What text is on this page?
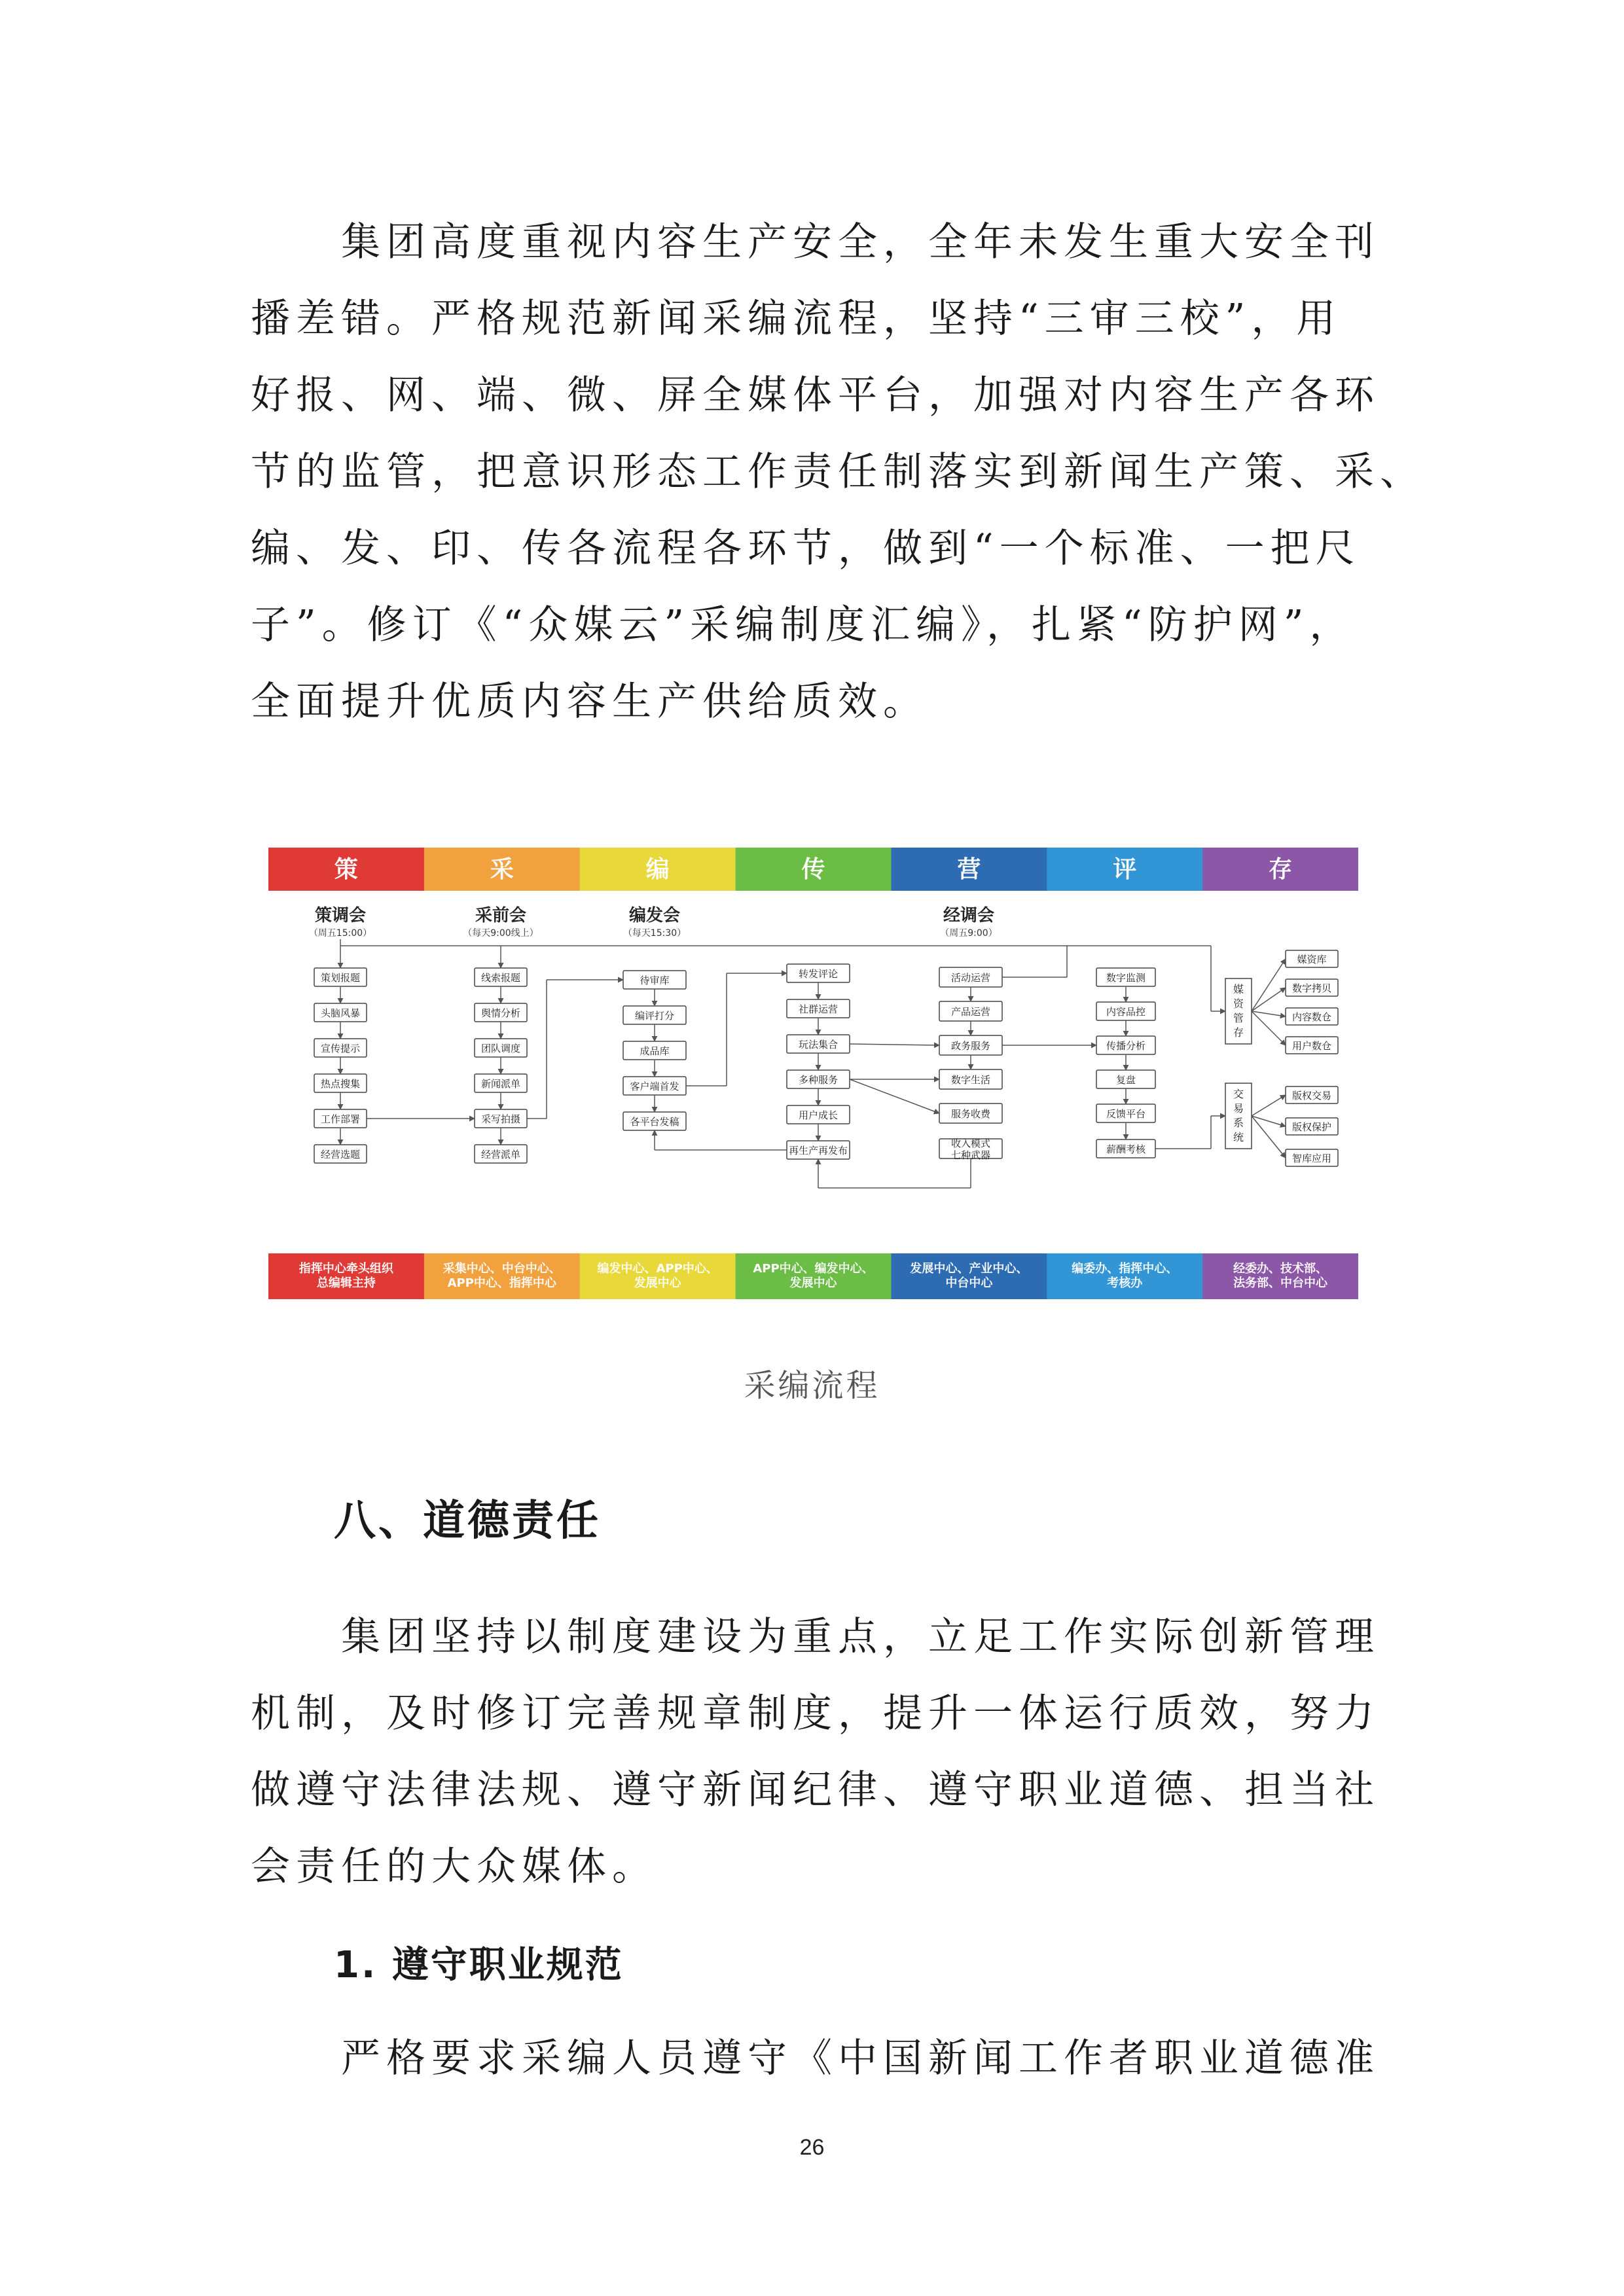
集团高度重视内容生产安全，全年未发生重大安全刊
播差错。严格规范新闻采编流程，坚持“三审三校”，用
好报、网、端、微、屏全媒体平台，加强对内容生产各环
节的监管，把意识形态工作责任制落实到新闻生产策、采、
编、发、印、传各流程各环节，做到“一个标准、一把尺
子”。修订《“众媒云”采编制度汇编》，扎紧“防护网”，
全面提升优质内容生产供给质效。
策	采	编	传	营	评	存
指挥中心牵头组织总编辑主持
采集中心、中台中心、 APP中心、指挥中心
编发中心、APP中心、发展中心
APP中心、编发中心、发展中心
发展中心、产业中心、中台中心
编委办、指挥中心、考核办
经委办、技术部、法务部、中台中心
策调会
（周五15:00）
采前会
（每天9:00线上）
编发会
（每天15:30）
经调会
（周五9:00）
策划报题
头脑风暴
宣传提示
热点搜集
工作部署
经营选题
线索报题
舆情分析
团队调度
新闻派单
采写拍摄
经营派单
待审库
编评打分
成品库
客户端首发
各平台发稿
转发评论
社群运营
玩法集合
多种服务
用户成长
再生产再发布
活动运营
产品运营
政务服务
数字生活
服务收费
收入模式七种武器
数字监测
内容品控
传播分析
复盘
反馈平台
薪酬考核
媒
资
管
存
交
易
系
统
媒资库
数字拷贝
内容数仓
用户数仓
版权交易
版权保护
智库应用
采编流程
八、道德责任
集团坚持以制度建设为重点，立足工作实际创新管理
机制，及时修订完善规章制度，提升一体运行质效，努力
做遵守法律法规、遵守新闻纪律、遵守职业道德、担当社
会责任的大众媒体。
1. 遵守职业规范
严格要求采编人员遵守《中国新闻工作者职业道德准
26
